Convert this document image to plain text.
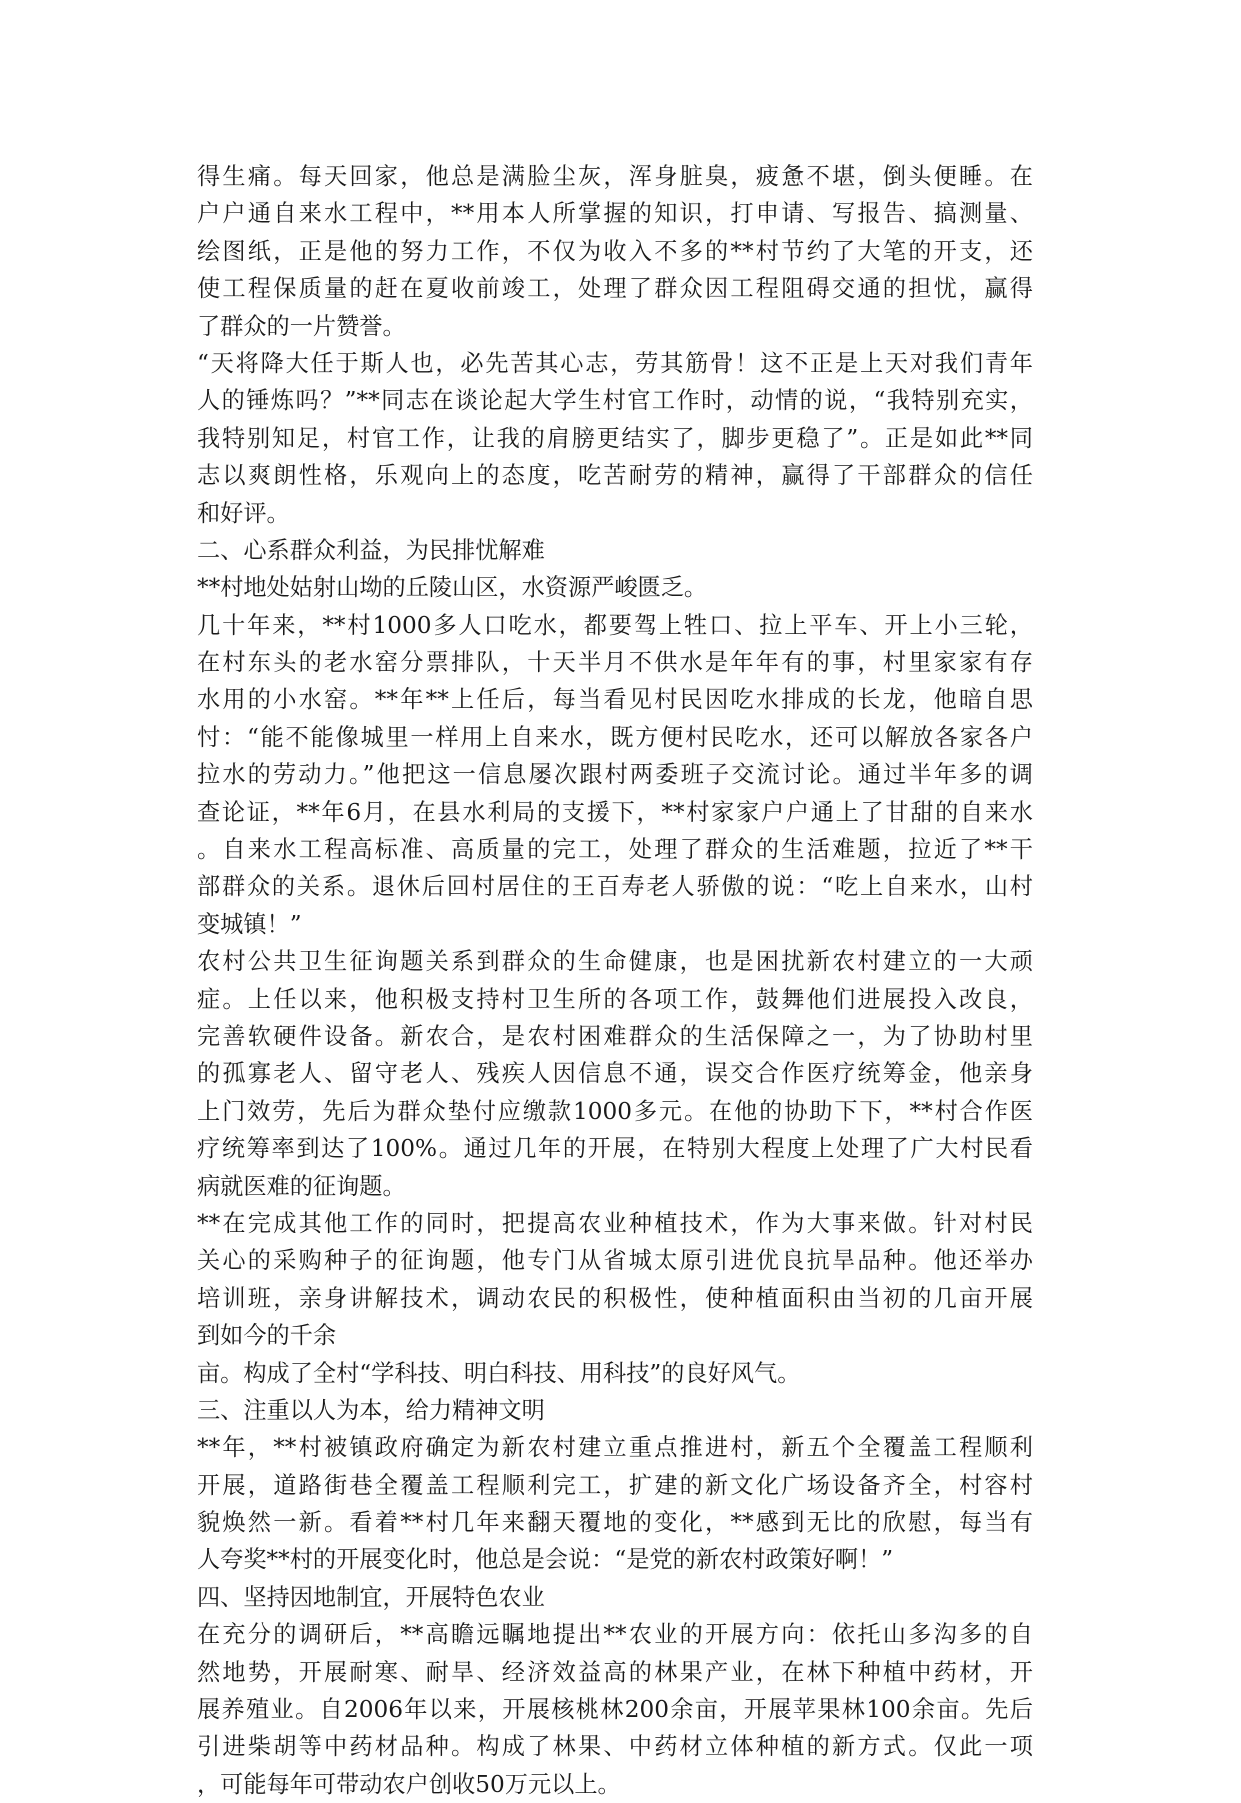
得生痛。每天回家，他总是满脸尘灰，浑身脏臭，疲惫不堪，倒头便睡。在
户户通自来水工程中，**用本人所掌握的知识，打申请、写报告、搞测量、
绘图纸，正是他的努力工作，不仅为收入不多的**村节约了大笔的开支，还
使工程保质量的赶在夏收前竣工，处理了群众因工程阻碍交通的担忧，赢得
了群众的一片赞誉。
“天将降大任于斯人也，必先苦其心志，劳其筋骨！这不正是上天对我们青年
人的锤炼吗？”**同志在谈论起大学生村官工作时，动情的说，“我特别充实，
我特别知足，村官工作，让我的肩膀更结实了，脚步更稳了”。正是如此**同
志以爽朗性格，乐观向上的态度，吃苦耐劳的精神，赢得了干部群众的信任
和好评。
二、心系群众利益，为民排忧解难
**村地处姑射山坳的丘陵山区，水资源严峻匮乏。
几十年来，**村1000多人口吃水，都要驾上牲口、拉上平车、开上小三轮，
在村东头的老水窑分票排队，十天半月不供水是年年有的事，村里家家有存
水用的小水窑。**年**上任后，每当看见村民因吃水排成的长龙，他暗自思
忖：“能不能像城里一样用上自来水，既方便村民吃水，还可以解放各家各户
拉水的劳动力。”他把这一信息屡次跟村两委班子交流讨论。通过半年多的调
查论证，**年6月，在县水利局的支援下，**村家家户户通上了甘甜的自来水
。自来水工程高标准、高质量的完工，处理了群众的生活难题，拉近了**干
部群众的关系。退休后回村居住的王百寿老人骄傲的说：“吃上自来水，山村
变城镇！”
农村公共卫生征询题关系到群众的生命健康，也是困扰新农村建立的一大顽
症。上任以来，他积极支持村卫生所的各项工作，鼓舞他们进展投入改良，
完善软硬件设备。新农合，是农村困难群众的生活保障之一，为了协助村里
的孤寡老人、留守老人、残疾人因信息不通，误交合作医疗统筹金，他亲身
上门效劳，先后为群众垫付应缴款1000多元。在他的协助下下，**村合作医
疗统筹率到达了100%。通过几年的开展，在特别大程度上处理了广大村民看
病就医难的征询题。
**在完成其他工作的同时，把提高农业种植技术，作为大事来做。针对村民
关心的采购种子的征询题，他专门从省城太原引进优良抗旱品种。他还举办
培训班，亲身讲解技术，调动农民的积极性，使种植面积由当初的几亩开展
到如今的千余
亩。构成了全村“学科技、明白科技、用科技”的良好风气。
三、注重以人为本，给力精神文明
**年，**村被镇政府确定为新农村建立重点推进村，新五个全覆盖工程顺利
开展，道路街巷全覆盖工程顺利完工，扩建的新文化广场设备齐全，村容村
貌焕然一新。看着**村几年来翻天覆地的变化，**感到无比的欣慰，每当有
人夸奖**村的开展变化时，他总是会说：“是党的新农村政策好啊！”
四、坚持因地制宜，开展特色农业
在充分的调研后，**高瞻远瞩地提出**农业的开展方向：依托山多沟多的自
然地势，开展耐寒、耐旱、经济效益高的林果产业，在林下种植中药材，开
展养殖业。自2006年以来，开展核桃林200余亩，开展苹果林100余亩。先后
引进柴胡等中药材品种。构成了林果、中药材立体种植的新方式。仅此一项
，可能每年可带动农户创收50万元以上。
